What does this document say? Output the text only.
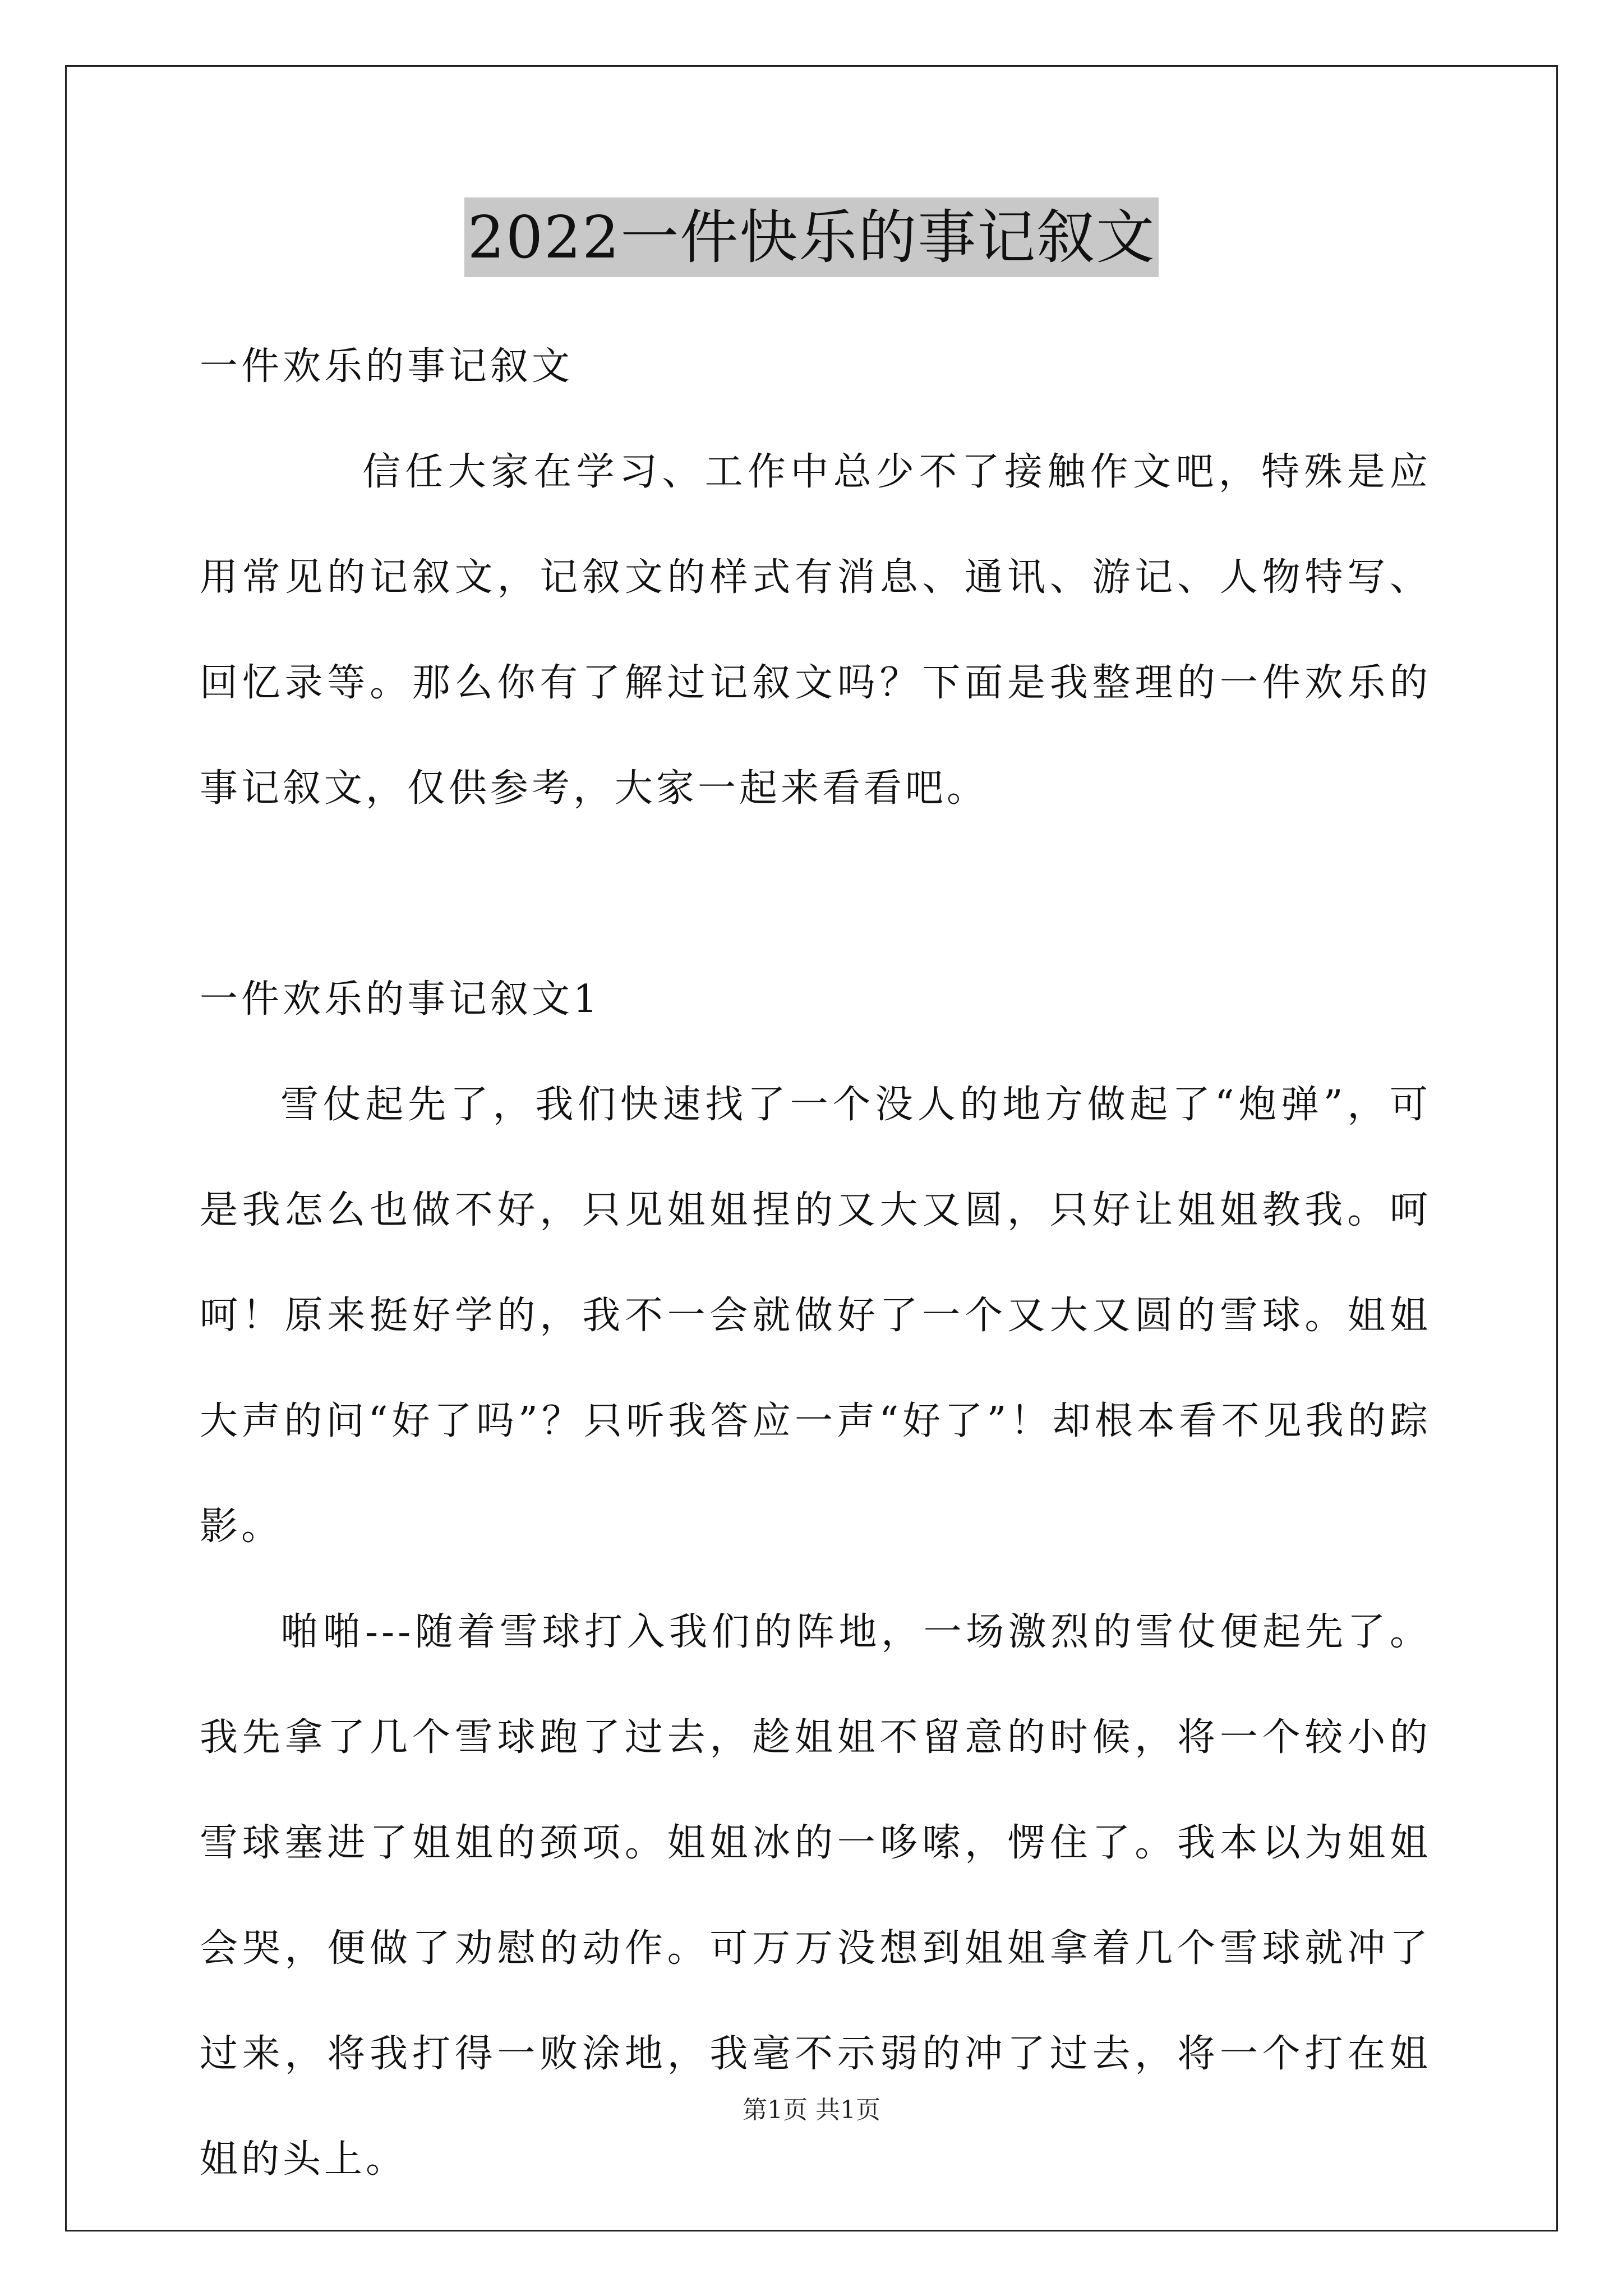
2022一件快乐的事记叙文

一件欢乐的事记叙文

信任大家在学习、工作中总少不了接触作文吧，特殊是应用常见的记叙文，记叙文的样式有消息、通讯、游记、人物特写、回忆录等。那么你有了解过记叙文吗？下面是我整理的一件欢乐的事记叙文，仅供参考，大家一起来看看吧。

一件欢乐的事记叙文1

雪仗起先了，我们快速找了一个没人的地方做起了“炮弹”，可是我怎么也做不好，只见姐姐捏的又大又圆，只好让姐姐教我。呵呵！原来挺好学的，我不一会就做好了一个又大又圆的雪球。姐姐大声的问“好了吗”？只听我答应一声“好了”！却根本看不见我的踪影。

啪啪---随着雪球打入我们的阵地，一场激烈的雪仗便起先了。我先拿了几个雪球跑了过去，趁姐姐不留意的时候，将一个较小的雪球塞进了姐姐的颈项。姐姐冰的一哆嗦，愣住了。我本以为姐姐会哭，便做了劝慰的动作。可万万没想到姐姐拿着几个雪球就冲了过来，将我打得一败涂地，我毫不示弱的冲了过去，将一个打在姐姐的头上。

第1页 共1页
